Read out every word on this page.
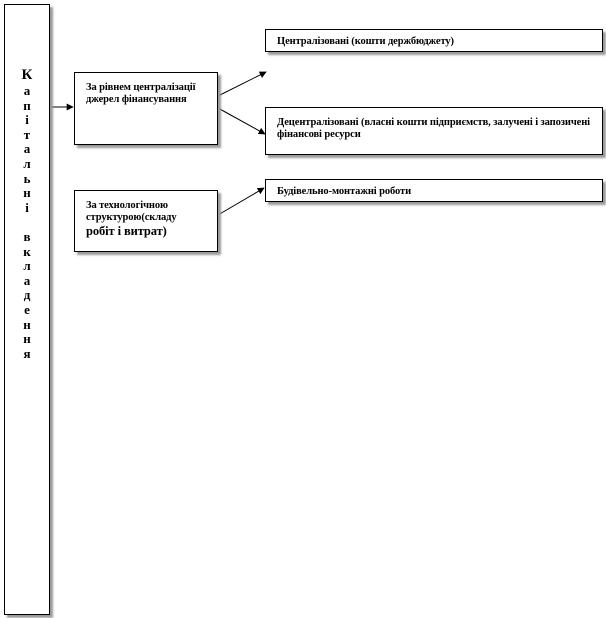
К
а
п
і
т
а
л
ь
н
і

в
к
л
а
д
е
н
н
я
За рівнем централізації джерел фінансування
За технологічною структурою(складу
робіт і витрат)
Централізовані (кошти держбюджету)
Децентралізовані (власні кошти підприємств, залучені і запозичені фінансові ресурси
Будівельно-монтажні роботи
